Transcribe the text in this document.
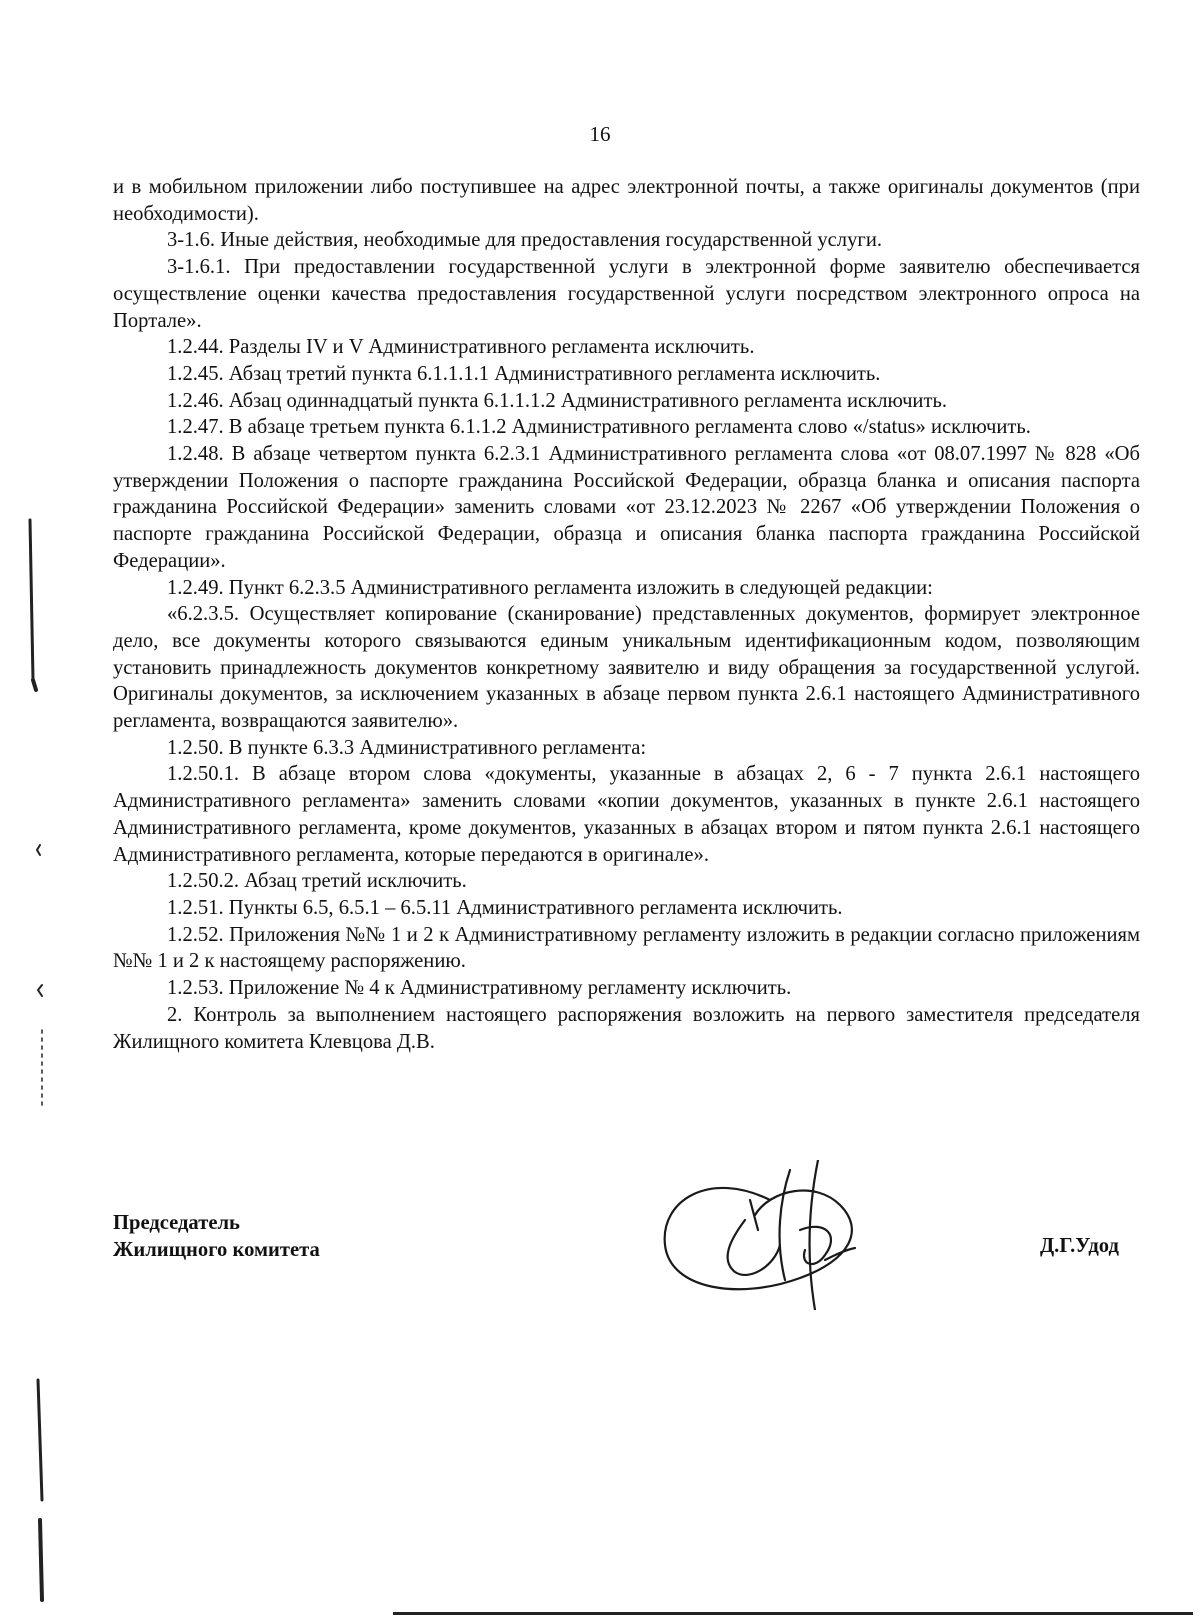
16

и в мобильном приложении либо поступившее на адрес электронной почты, а также оригиналы документов (при необходимости).

3-1.6. Иные действия, необходимые для предоставления государственной услуги.

3-1.6.1. При предоставлении государственной услуги в электронной форме заявителю обеспечивается осуществление оценки качества предоставления государственной услуги посредством электронного опроса на Портале».

1.2.44. Разделы IV и V Административного регламента исключить.

1.2.45. Абзац третий пункта 6.1.1.1.1 Административного регламента исключить.

1.2.46. Абзац одиннадцатый пункта 6.1.1.1.2 Административного регламента исключить.

1.2.47. В абзаце третьем пункта 6.1.1.2 Административного регламента слово «/status» исключить.

1.2.48. В абзаце четвертом пункта 6.2.3.1 Административного регламента слова «от 08.07.1997 № 828 «Об утверждении Положения о паспорте гражданина Российской Федерации, образца бланка и описания паспорта гражданина Российской Федерации» заменить словами «от 23.12.2023 № 2267 «Об утверждении Положения о паспорте гражданина Российской Федерации, образца и описания бланка паспорта гражданина Российской Федерации».

1.2.49. Пункт 6.2.3.5 Административного регламента изложить в следующей редакции:

«6.2.3.5. Осуществляет копирование (сканирование) представленных документов, формирует электронное дело, все документы которого связываются единым уникальным идентификационным кодом, позволяющим установить принадлежность документов конкретному заявителю и виду обращения за государственной услугой. Оригиналы документов, за исключением указанных в абзаце первом пункта 2.6.1 настоящего Административного регламента, возвращаются заявителю».

1.2.50. В пункте 6.3.3 Административного регламента:

1.2.50.1. В абзаце втором слова «документы, указанные в абзацах 2, 6 - 7 пункта 2.6.1 настоящего Административного регламента» заменить словами «копии документов, указанных в пункте 2.6.1 настоящего Административного регламента, кроме документов, указанных в абзацах втором и пятом пункта 2.6.1 настоящего Административного регламента, которые передаются в оригинале».

1.2.50.2. Абзац третий исключить.

1.2.51. Пункты 6.5, 6.5.1 – 6.5.11 Административного регламента исключить.

1.2.52. Приложения №№ 1 и 2 к Административному регламенту изложить в редакции согласно приложениям №№ 1 и 2 к настоящему распоряжению.

1.2.53. Приложение № 4 к Административному регламенту исключить.

2. Контроль за выполнением настоящего распоряжения возложить на первого заместителя председателя Жилищного комитета Клевцова Д.В.

Председатель
Жилищного комитета	Д.Г.Удод
